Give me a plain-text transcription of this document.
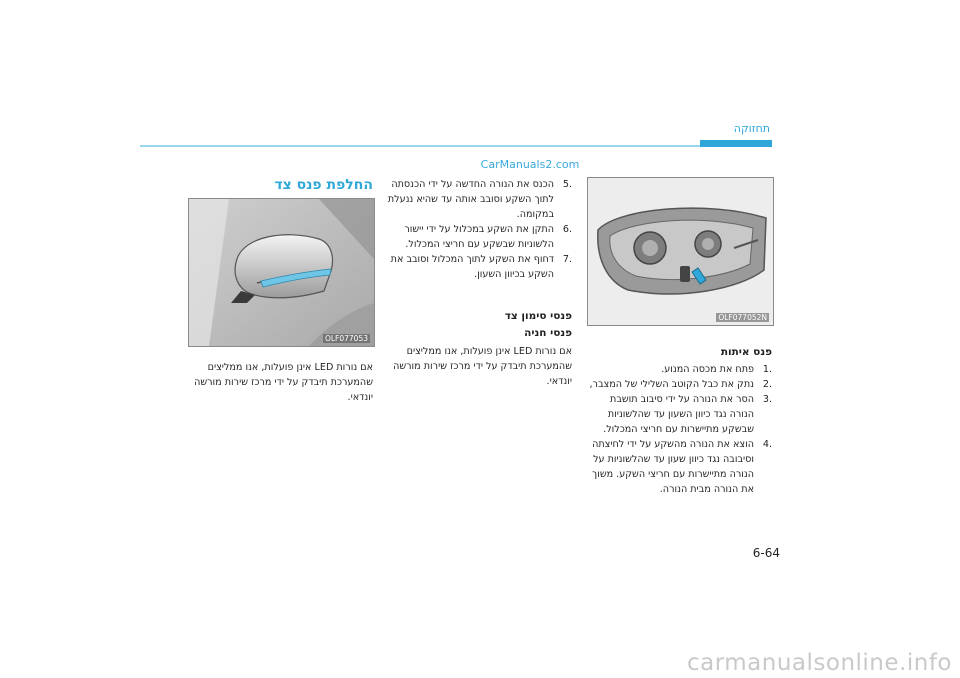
תחזוקה
CarManuals2.com
OLF077052N
פנס איתות
1.
פתח את מכסה המנוע.
2.
נתק את כבל הקוטב השלילי של המצבר,
3.
הסר את הנורה על ידי סיבוב תושבת הנורה נגד כיוון השעון עד שהלשוניות שבשקע מתיישרות עם חריצי המכלול.
4.
הוצא את הנורה מהשקע על ידי לחיצתה וסיבובה נגד כיוון שעון עד שהלשוניות על הנורה מתיישרות עם חריצי השקע. משוך את הנורה מבית הנורה.
5.
הכנס את הנורה החדשה על ידי הכנסתה לתוך השקע וסובב אותה עד שהיא ננעלת במקומה.
6.
התקן את השקע במכלול על ידי יישור הלשוניות שבשקע עם חריצי המכלול.
7.
דחוף את השקע לתוך המכלול וסובב את השקע בכיוון השעון.
פנסי סימון צד
פנסי חניה
אם נורות LED אינן פועלות, אנו ממליצים שהמערכת תיבדק על ידי מרכז שירות מורשה יונדאי.
החלפת פנס צד
OLF077053
אם נורות LED אינן פועלות, אנו ממליצים שהמערכת תיבדק על ידי מרכז שירות מורשה יונדאי.
6-64
carmanualsonline.info
